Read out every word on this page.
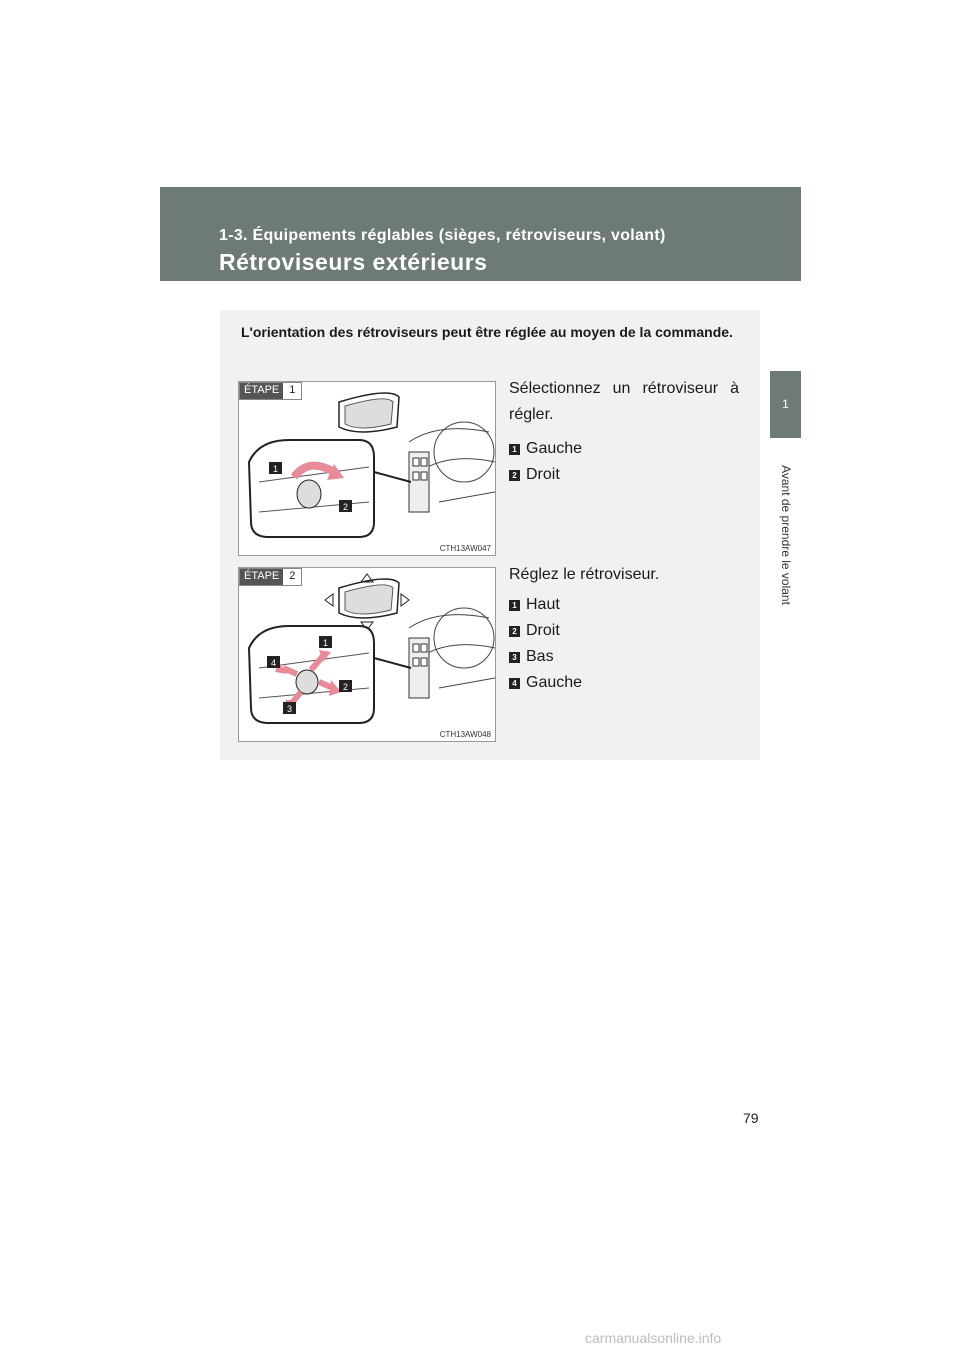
1-3. Équipements réglables (sièges, rétroviseurs, volant)
Rétroviseurs extérieurs
1
Avant de prendre le volant
L'orientation des rétroviseurs peut être réglée au moyen de la commande.
1
2
ÉTAPE 1
CTH13AW047
Sélectionnez un rétroviseur à régler.
1 Gauche
2 Droit
1
2
3
4
ÉTAPE 2
CTH13AW048
Réglez le rétroviseur.
1 Haut
2 Droit
3 Bas
4 Gauche
79
carmanualsonline.info
